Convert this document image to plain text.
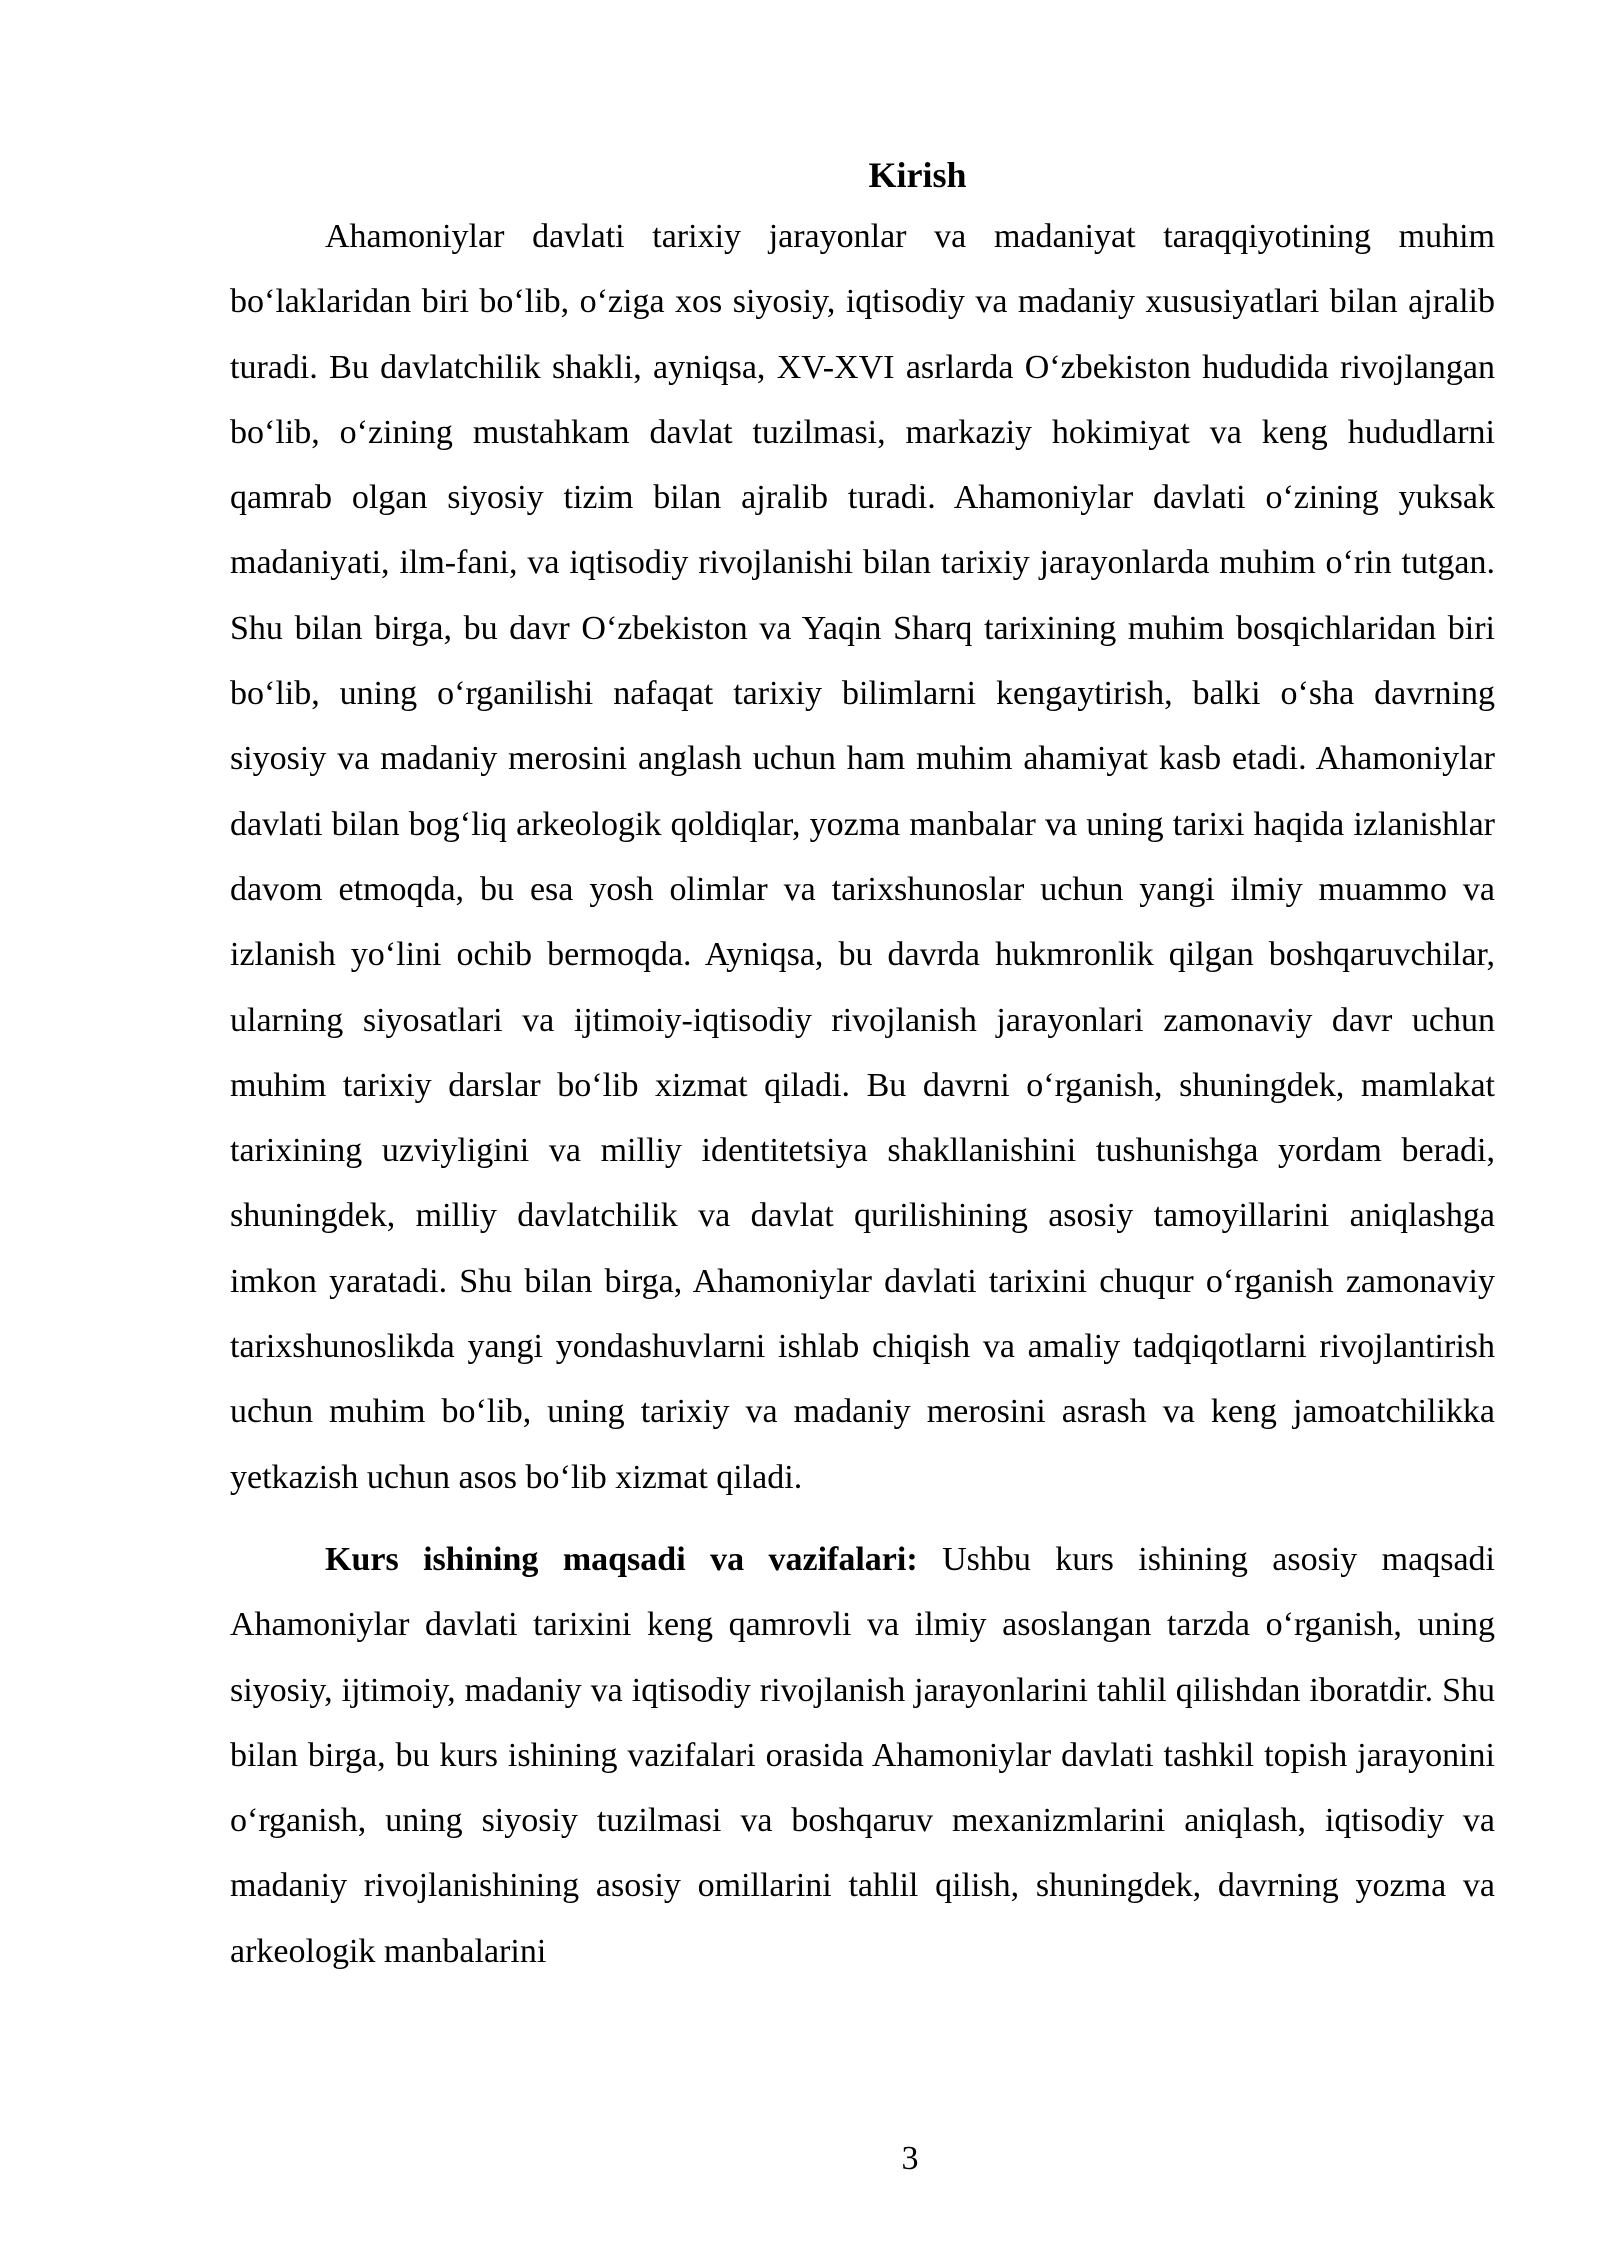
Kirish

Ahamoniylar davlati tarixiy jarayonlar va madaniyat taraqqiyotining muhim bo‘laklaridan biri bo‘lib, o‘ziga xos siyosiy, iqtisodiy va madaniy xususiyatlari bilan ajralib turadi. Bu davlatchilik shakli, ayniqsa, XV-XVI asrlarda O‘zbekiston hududida rivojlangan bo‘lib, o‘zining mustahkam davlat tuzilmasi, markaziy hokimiyat va keng hududlarni qamrab olgan siyosiy tizim bilan ajralib turadi. Ahamoniylar davlati o‘zining yuksak madaniyati, ilm-fani, va iqtisodiy rivojlanishi bilan tarixiy jarayonlarda muhim o‘rin tutgan. Shu bilan birga, bu davr O‘zbekiston va Yaqin Sharq tarixining muhim bosqichlaridan biri bo‘lib, uning o‘rganilishi nafaqat tarixiy bilimlarni kengaytirish, balki o‘sha davrning siyosiy va madaniy merosini anglash uchun ham muhim ahamiyat kasb etadi. Ahamoniylar davlati bilan bog‘liq arkeologik qoldiqlar, yozma manbalar va uning tarixi haqida izlanishlar davom etmoqda, bu esa yosh olimlar va tarixshunoslar uchun yangi ilmiy muammo va izlanish yo‘lini ochib bermoqda. Ayniqsa, bu davrda hukmronlik qilgan boshqaruvchilar, ularning siyosatlari va ijtimoiy-iqtisodiy rivojlanish jarayonlari zamonaviy davr uchun muhim tarixiy darslar bo‘lib xizmat qiladi. Bu davrni o‘rganish, shuningdek, mamlakat tarixining uzviyligini va milliy identitetsiya shakllanishini tushunishga yordam beradi, shuningdek, milliy davlatchilik va davlat qurilishining asosiy tamoyillarini aniqlashga imkon yaratadi. Shu bilan birga, Ahamoniylar davlati tarixini chuqur o‘rganish zamonaviy tarixshunoslikda yangi yondashuvlarni ishlab chiqish va amaliy tadqiqotlarni rivojlantirish uchun muhim bo‘lib, uning tarixiy va madaniy merosini asrash va keng jamoatchilikka yetkazish uchun asos bo‘lib xizmat qiladi.

Kurs ishining maqsadi va vazifalari: Ushbu kurs ishining asosiy maqsadi Ahamoniylar davlati tarixini keng qamrovli va ilmiy asoslangan tarzda o‘rganish, uning siyosiy, ijtimoiy, madaniy va iqtisodiy rivojlanish jarayonlarini tahlil qilishdan iboratdir. Shu bilan birga, bu kurs ishining vazifalari orasida Ahamoniylar davlati tashkil topish jarayonini o‘rganish, uning siyosiy tuzilmasi va boshqaruv mexanizmlarini aniqlash, iqtisodiy va madaniy rivojlanishining asosiy omillarini tahlil qilish, shuningdek, davrning yozma va arkeologik manbalarini

3
